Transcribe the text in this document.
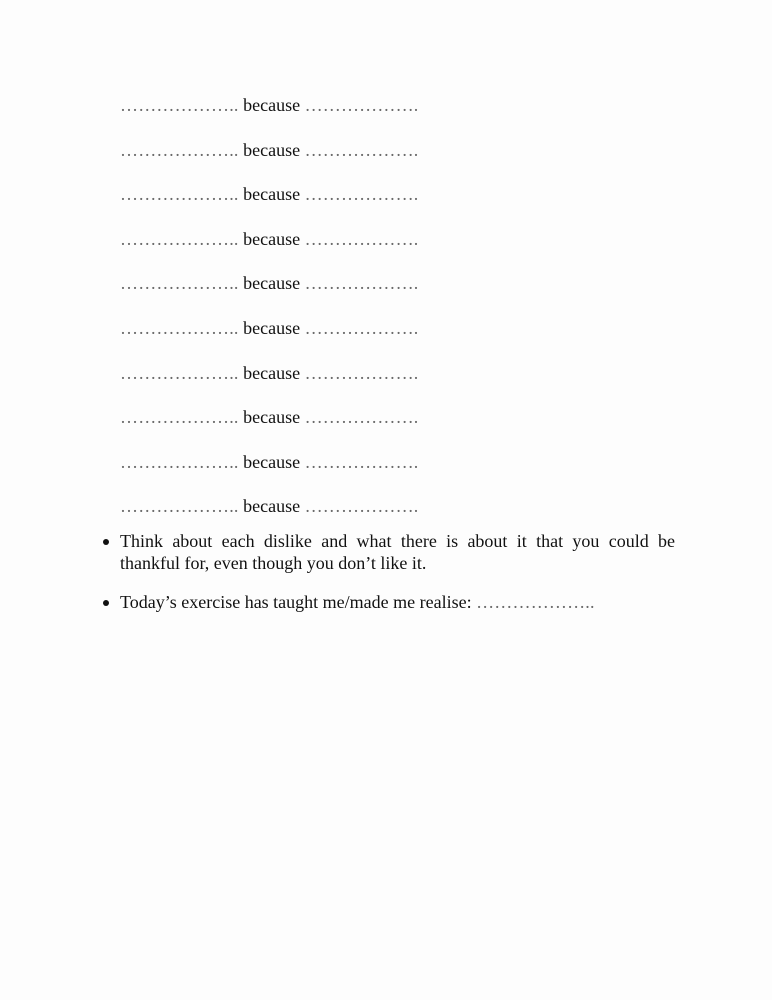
……………….. because ……………….
……………….. because ……………….
……………….. because ……………….
……………….. because ……………….
……………….. because ……………….
……………….. because ……………….
……………….. because ……………….
……………….. because ……………….
……………….. because ……………….
……………….. because ……………….
Think about each dislike and what there is about it that you could be thankful for, even though you don’t like it.
Today’s exercise has taught me/made me realise: ………………..
